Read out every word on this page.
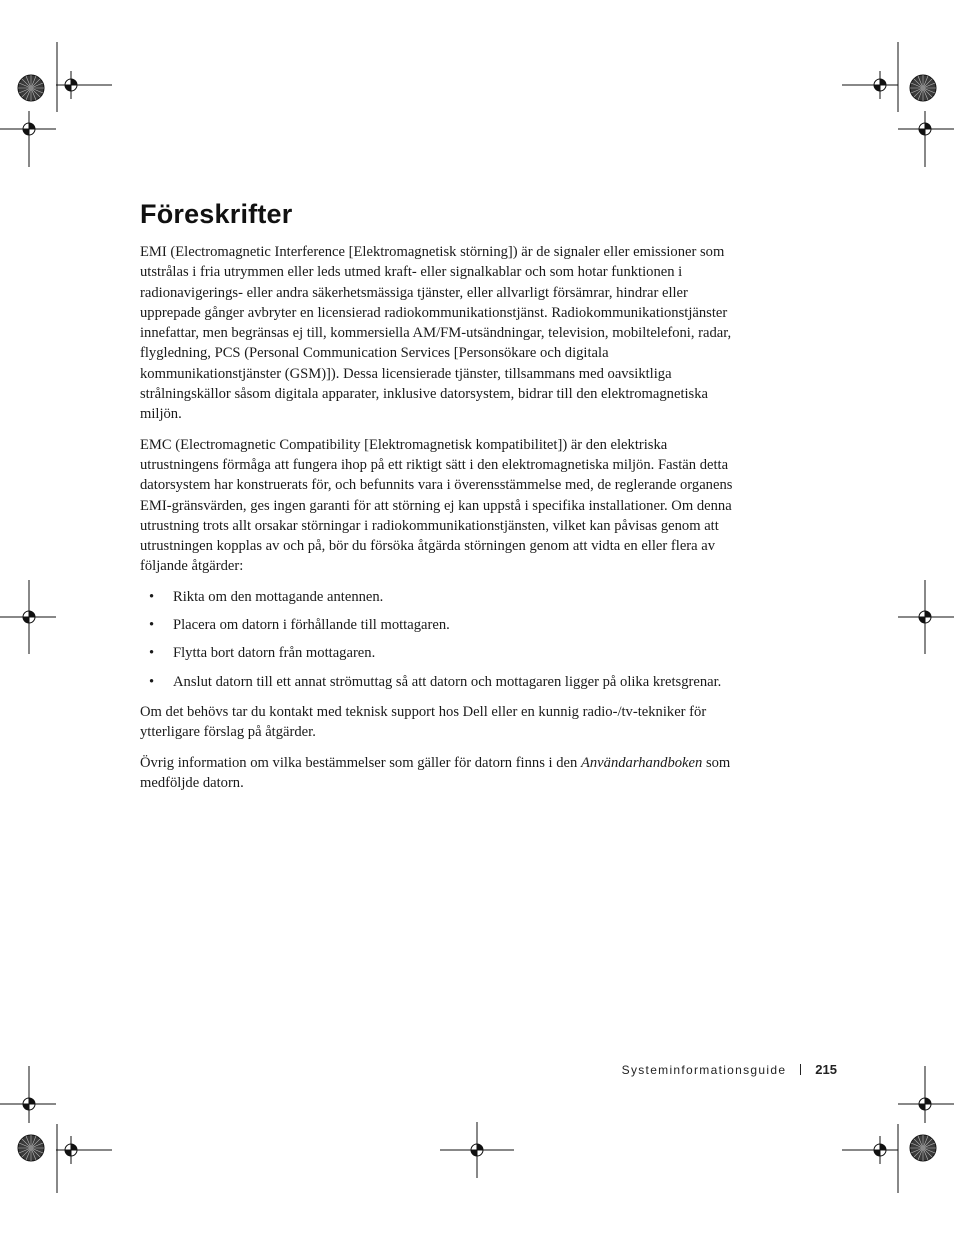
Föreskrifter

EMI (Electromagnetic Interference [Elektromagnetisk störning]) är de signaler eller emissioner som utstrålas i fria utrymmen eller leds utmed kraft- eller signalkablar och som hotar funktionen i radionavigerings- eller andra säkerhetsmässiga tjänster, eller allvarligt försämrar, hindrar eller upprepade gånger avbryter en licensierad radiokommunikationstjänst. Radiokommunikationstjänster innefattar, men begränsas ej till, kommersiella AM/FM-utsändningar, television, mobiltelefoni, radar, flygledning, PCS (Personal Communication Services [Personsökare och digitala kommunikationstjänster (GSM)]). Dessa licensierade tjänster, tillsammans med oavsiktliga strålningskällor såsom digitala apparater, inklusive datorsystem, bidrar till den elektromagnetiska miljön.

EMC (Electromagnetic Compatibility [Elektromagnetisk kompatibilitet]) är den elektriska utrustningens förmåga att fungera ihop på ett riktigt sätt i den elektromagnetiska miljön. Fastän detta datorsystem har konstruerats för, och befunnits vara i överensstämmelse med, de reglerande organens EMI-gränsvärden, ges ingen garanti för att störning ej kan uppstå i specifika installationer. Om denna utrustning trots allt orsakar störningar i radiokommunikationstjänsten, vilket kan påvisas genom att utrustningen kopplas av och på, bör du försöka åtgärda störningen genom att vidta en eller flera av följande åtgärder:

• Rikta om den mottagande antennen.
• Placera om datorn i förhållande till mottagaren.
• Flytta bort datorn från mottagaren.
• Anslut datorn till ett annat strömuttag så att datorn och mottagaren ligger på olika kretsgrenar.

Om det behövs tar du kontakt med teknisk support hos Dell eller en kunnig radio-/tv-tekniker för ytterligare förslag på åtgärder.

Övrig information om vilka bestämmelser som gäller för datorn finns i den Användarhandboken som medföljde datorn.

Systeminformationsguide 215
